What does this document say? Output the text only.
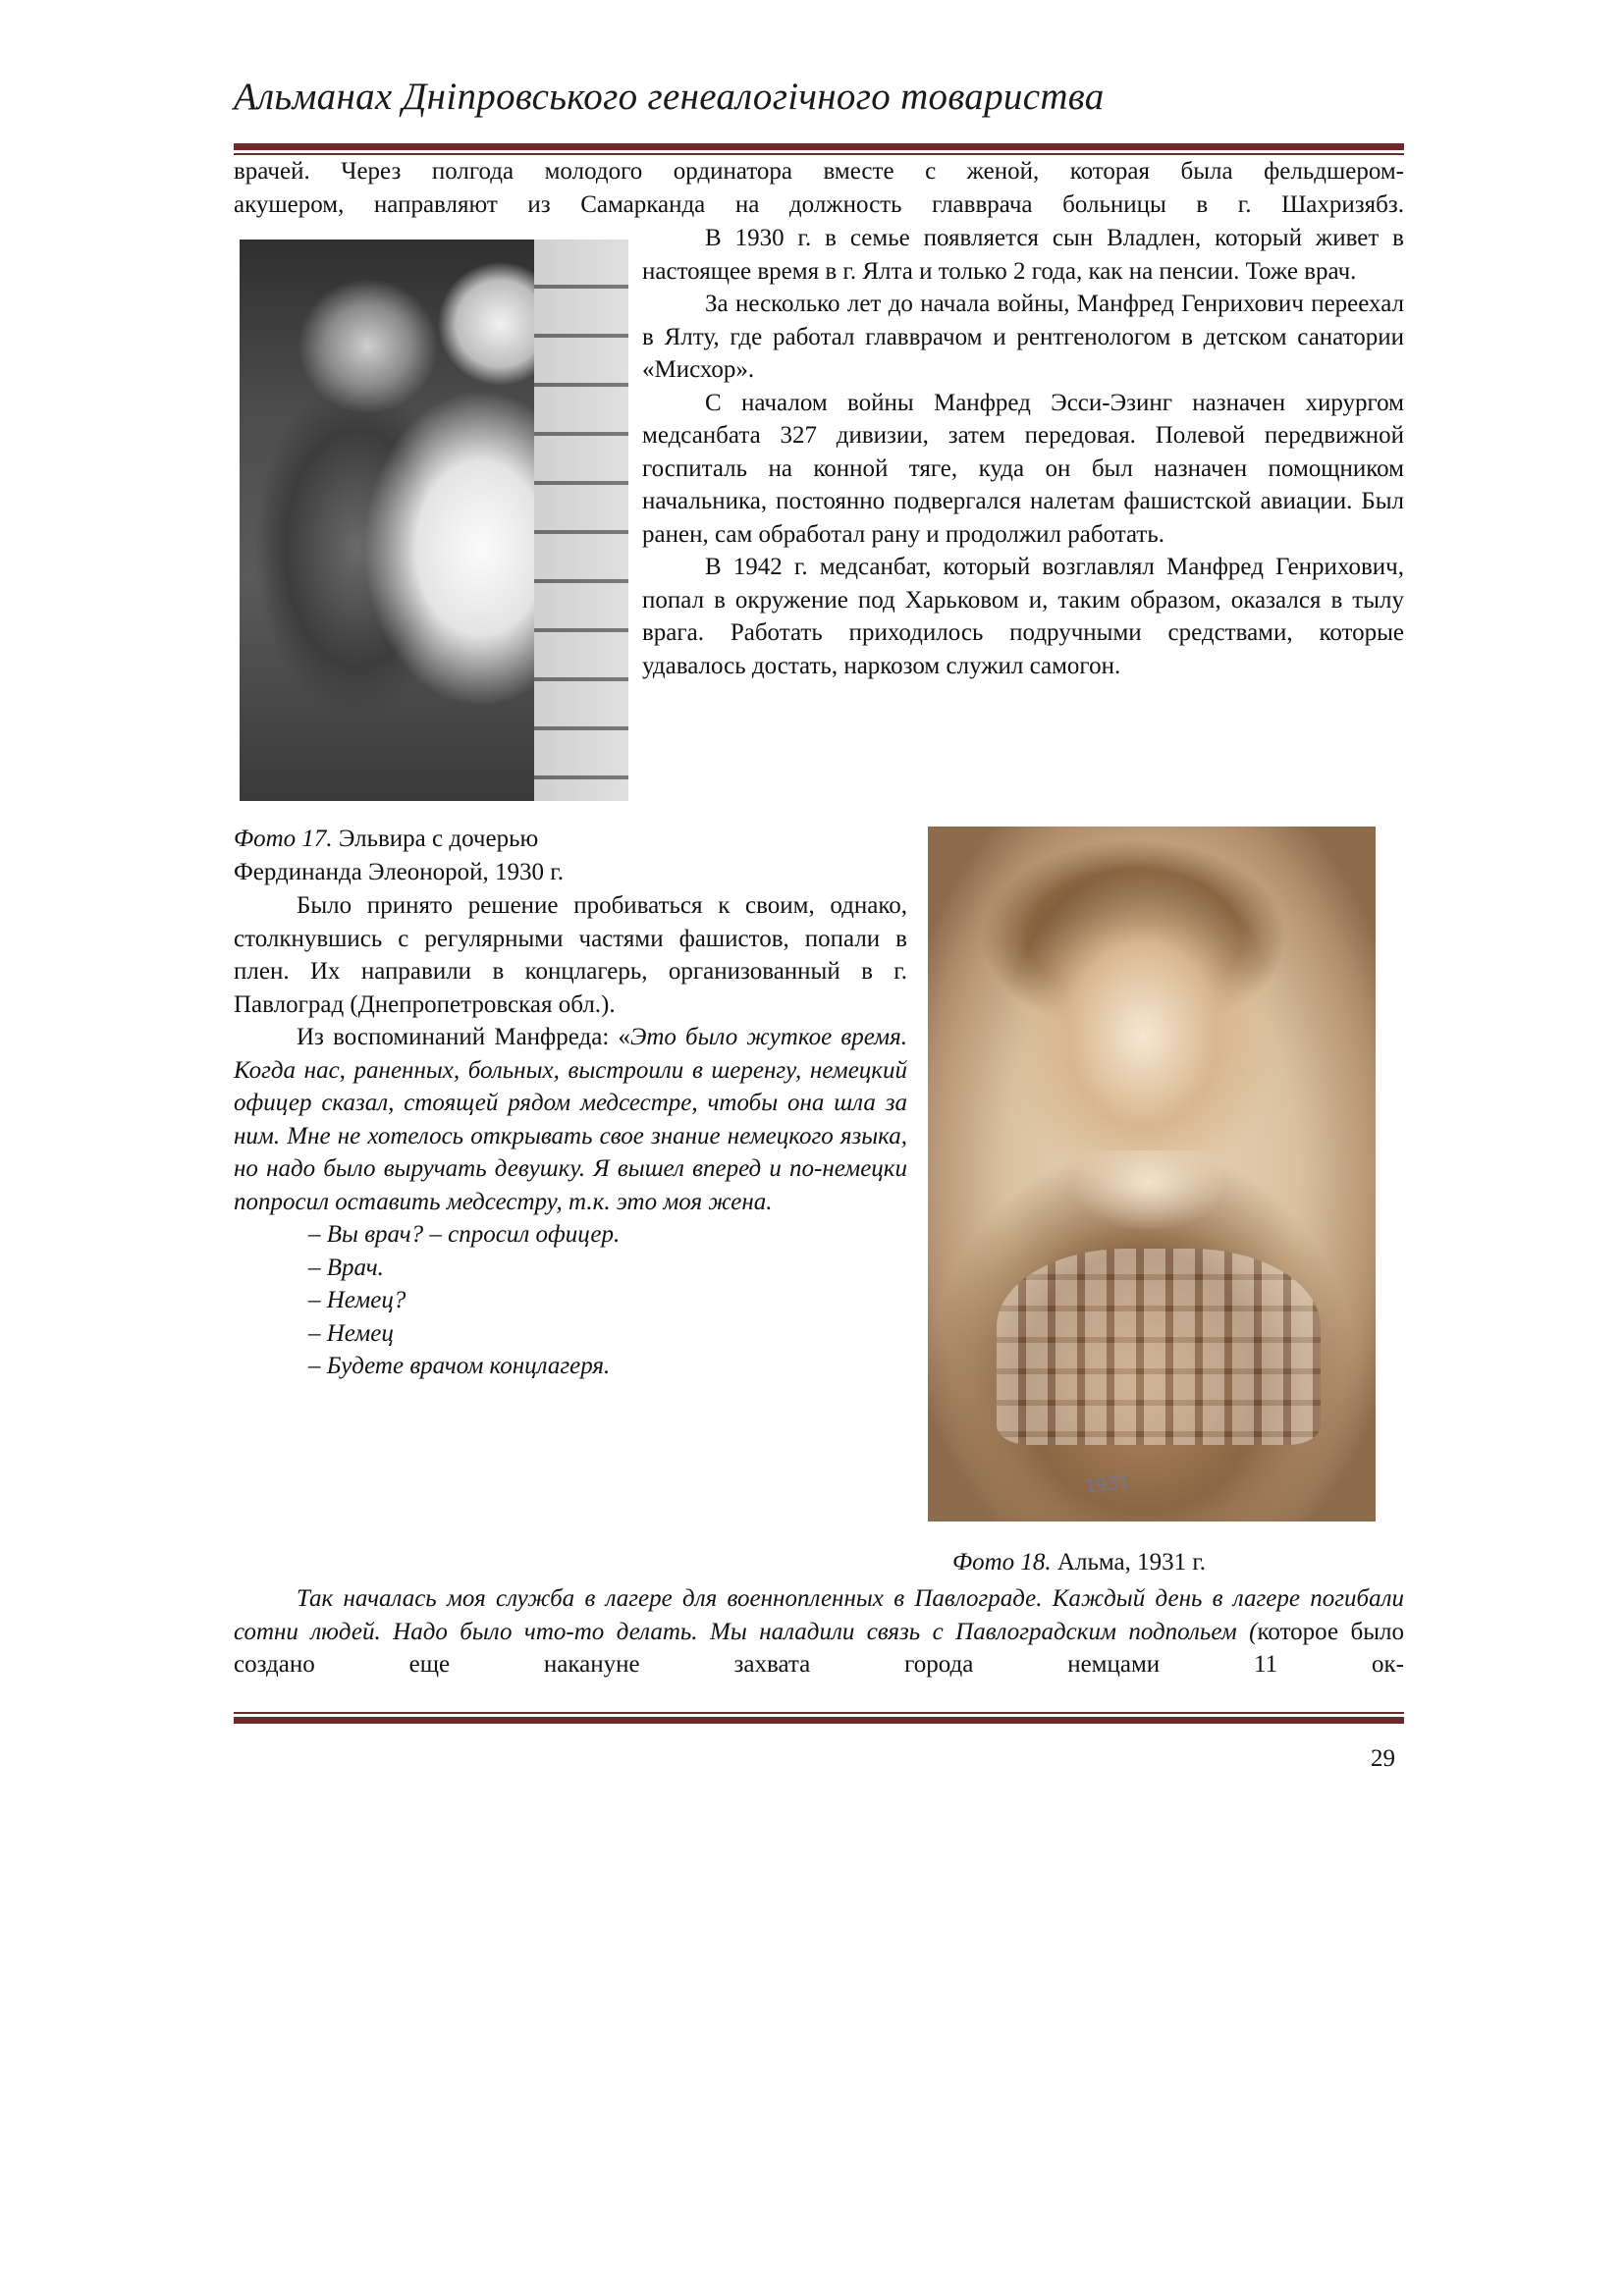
Альманах Дніпровського генеалогічного товариства

врачей. Через полгода молодого ординатора вместе с женой, которая была фельдшером-

акушером, направляют из Самарканда на должность главврача больницы в г. Шахризябз.

В 1930 г. в семье появляется сын Владлен, который живет в настоящее время в г. Ялта и только 2 года, как на пенсии. Тоже врач.

За несколько лет до начала войны, Манфред Генрихович переехал в Ялту, где работал главврачом и рентгенологом в детском санатории «Мисхор».

С началом войны Манфред Эсси-Эзинг назначен хирургом медсанбата 327 дивизии, затем передовая. Полевой передвижной госпиталь на конной тяге, куда он был назначен помощником начальника, постоянно подвергался налетам фашистской авиации. Был ранен, сам обработал рану и продолжил работать.

В 1942 г. медсанбат, который возглавлял Манфред Генрихович, попал в окружение под Харьковом и, таким образом, оказался в тылу врага. Работать приходилось подручными средствами, которые удавалось достать, наркозом служил самогон.

Фото 17. Эльвира с дочерью
Фердинанда Элеонорой, 1930 г.

Было принято решение пробиваться к своим, однако, столкнувшись с регулярными частями фашистов, попали в плен. Их направили в концлагерь, организованный в г. Павлоград (Днепропетровская обл.).

Из воспоминаний Манфреда: «Это было жуткое время. Когда нас, раненных, больных, выстроили в шеренгу, немецкий офицер сказал, стоящей рядом медсестре, чтобы она шла за ним. Мне не хотелось открывать свое знание немецкого языка, но надо было выручать девушку. Я вышел вперед и по-немецки попросил оставить медсестру, т.к. это моя жена.

– Вы врач? – спросил офицер.

– Врач.

– Немец?

– Немец

– Будете врачом концлагеря.

1931
Фото 18. Альма, 1931 г.

Так началась моя служба в лагере для военнопленных в Павлограде. Каждый день в лагере погибали сотни людей. Надо было что-то делать. Мы наладили связь с Павлоградским подпольем (которое было создано еще накануне захвата города немцами 11 ок-

29
